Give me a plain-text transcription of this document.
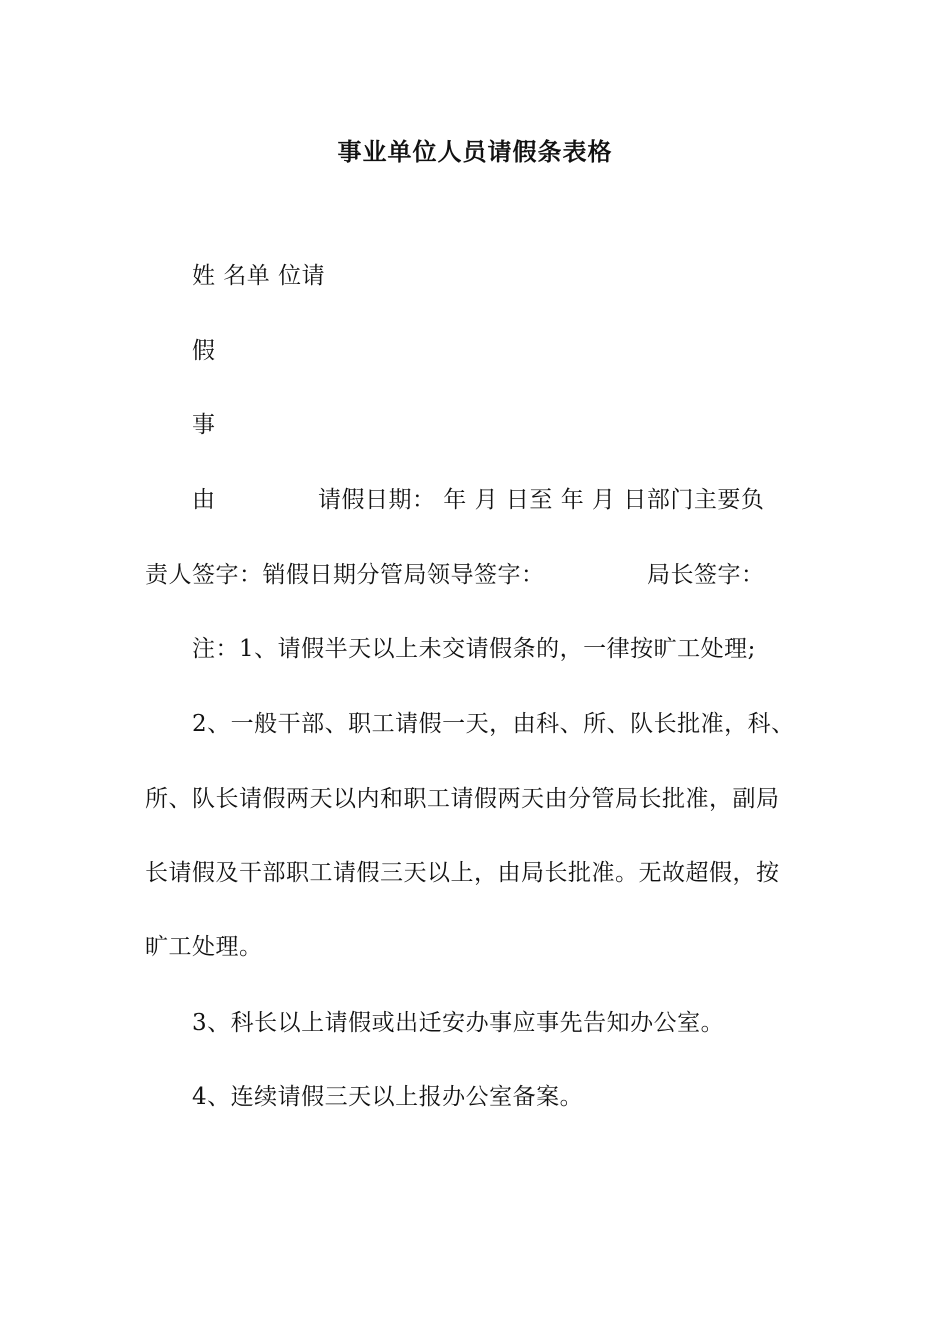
事业单位人员请假条表格
姓 名单 位请
假
事
由	请假日期： 年 月 日至 年 月 日部门主要负
责人签字：销假日期分管局领导签字：	局长签字：
注：1、请假半天以上未交请假条的，一律按旷工处理;
2、一般干部、职工请假一天，由科、所、队长批准，科、
所、队长请假两天以内和职工请假两天由分管局长批准，副局
长请假及干部职工请假三天以上，由局长批准。无故超假，按
旷工处理。
3、科长以上请假或出迁安办事应事先告知办公室。
4、连续请假三天以上报办公室备案。
